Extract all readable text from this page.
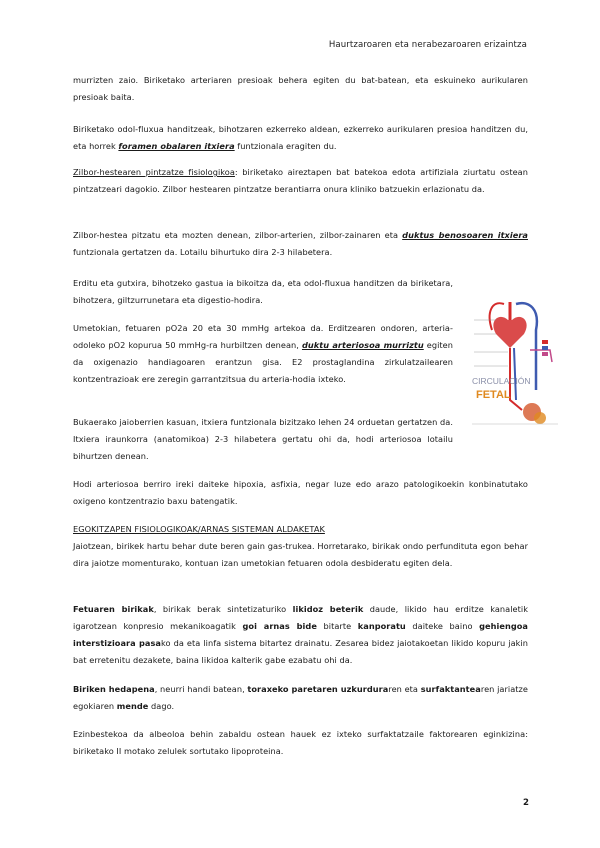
Haurtzaroaren eta nerabezaroaren erizaintza

murrizten zaio. Biriketako arteriaren presioak behera egiten du bat-batean, eta eskuineko aurikularen presioak baita.

Biriketako odol-fluxua handitzeak, bihotzaren ezkerreko aldean, ezkerreko aurikularen presioa handitzen du, eta horrek foramen obalaren itxiera funtzionala eragiten du.

Zilbor-hestearen pintzatze fisiologikoa: biriketako aireztapen bat batekoa edota artifiziala ziurtatu ostean pintzatzeari dagokio. Zilbor hestearen pintzatze berantiarra onura kliniko batzuekin erlazionatu da.

Zilbor-hestea pitzatu eta mozten denean, zilbor-arterien, zilbor-zainaren eta duktus benosoaren itxiera funtzionala gertatzen da. Lotailu bihurtuko dira 2-3 hilabetera.

Erditu eta gutxira, bihotzeko gastua ia bikoitza da, eta odol-fluxua handitzen da biriketara, bihotzera, giltzurrunetara eta digestio-hodira.

Umetokian, fetuaren pO2a 20 eta 30 mmHg artekoa da. Erditzearen ondoren, arteria-odoleko pO2 kopurua 50 mmHg-ra hurbiltzen denean, duktu arteriosoa murriztu egiten da oxigenazio handiagoaren erantzun gisa. E2 prostaglandina zirkulatzailearen kontzentrazioak ere zeregin garrantzitsua du arteria-hodia ixteko.

Bukaerako jaioberrien kasuan, itxiera funtzionala bizitzako lehen 24 orduetan gertatzen da. Itxiera iraunkorra (anatomikoa) 2-3 hilabetera gertatu ohi da, hodi arteriosoa lotailu bihurtzen denean.

Hodi arteriosoa berriro ireki daiteke hipoxia, asfixia, negar luze edo arazo patologikoekin konbinatutako oxigeno kontzentrazio baxu batengatik.

EGOKITZAPEN FISIOLOGIKOAK/ARNAS SISTEMAN ALDAKETAK

Jaiotzean, birikek hartu behar dute beren gain gas-trukea. Horretarako, birikak ondo perfundituta egon behar dira jaiotze momenturako, kontuan izan umetokian fetuaren odola desbideratu egiten dela.

Fetuaren birikak, birikak berak sintetizaturiko likidoz beterik daude, likido hau erditze kanaletik igarotzean konpresio mekanikoagatik goi arnas bide bitarte kanporatu daiteke baino gehiengoa interstizioara pasako da eta linfa sistema bitartez drainatu. Zesarea bidez jaiotakoetan likido kopuru jakin bat erretenitu dezakete, baina likidoa kalterik gabe ezabatu ohi da.

Biriken hedapena, neurri handi batean, toraxeko paretaren uzkurduraren eta surfaktantearen jariatze egokiaren mende dago.

Ezinbestekoa da albeoloa behin zabaldu ostean hauek ez ixteko surfaktatzaile faktorearen eginkizina: biriketako II motako zelulek sortutako lipoproteina.

CIRCULACIÓN
FETAL
2
